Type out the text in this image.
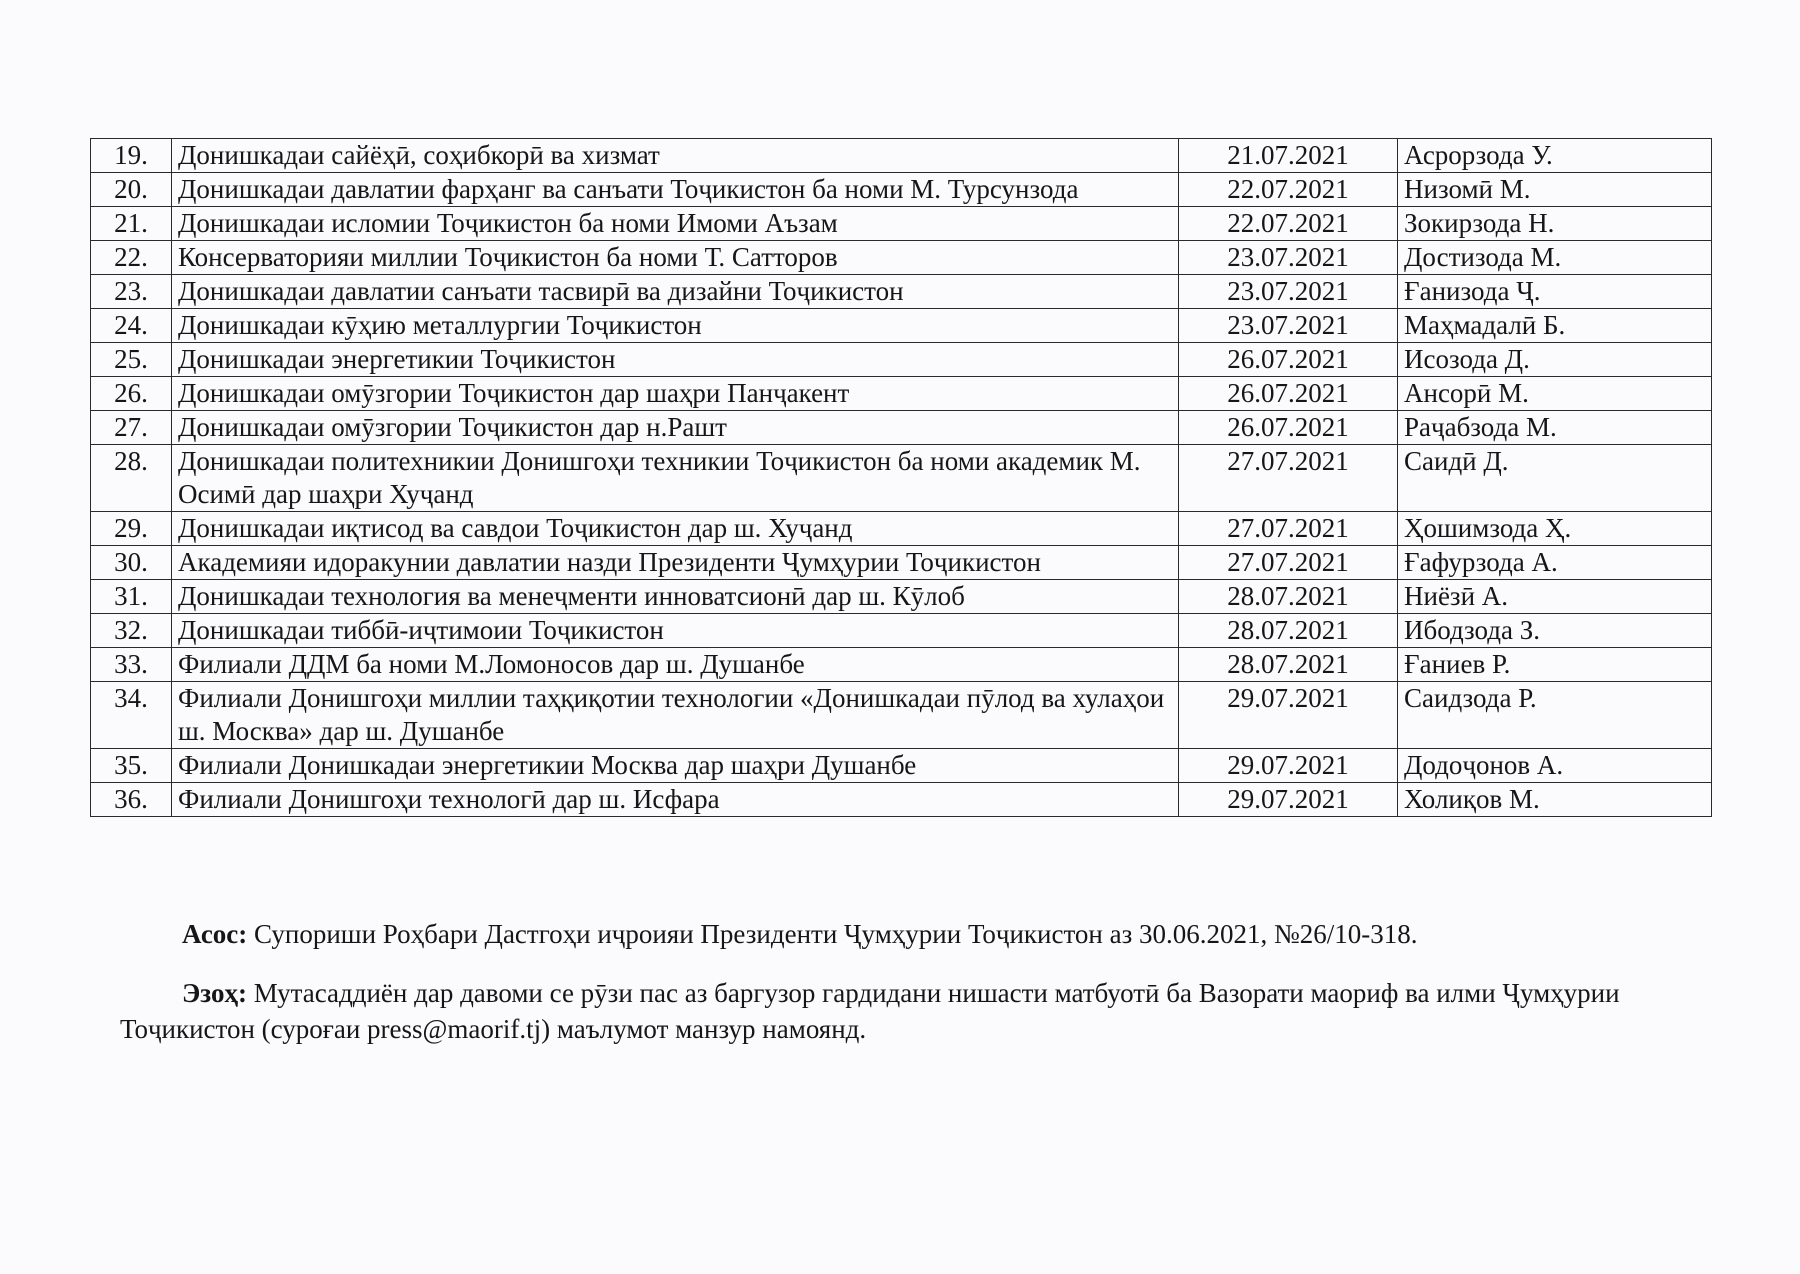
19.	Донишкадаи сайёҳӣ, соҳибкорӣ ва хизмат	21.07.2021	Асрорзода У.
20.	Донишкадаи давлатии фарҳанг ва санъати Тоҷикистон ба номи М. Турсунзода	22.07.2021	Низомӣ М.
21.	Донишкадаи исломии Тоҷикистон ба номи Имоми Аъзам	22.07.2021	Зокирзода Н.
22.	Консерваторияи миллии Тоҷикистон ба номи Т. Сатторов	23.07.2021	Достизода М.
23.	Донишкадаи давлатии санъати тасвирӣ ва дизайни Тоҷикистон	23.07.2021	Ғанизода Ҷ.
24.	Донишкадаи кӯҳию металлургии Тоҷикистон	23.07.2021	Маҳмадалӣ Б.
25.	Донишкадаи энергетикии Тоҷикистон	26.07.2021	Исозода Д.
26.	Донишкадаи омӯзгории Тоҷикистон дар шаҳри Панҷакент	26.07.2021	Ансорӣ М.
27.	Донишкадаи омӯзгории Тоҷикистон дар н.Рашт	26.07.2021	Раҷабзода М.
28.	Донишкадаи политехникии Донишгоҳи техникии Тоҷикистон ба номи академик М. Осимӣ дар шаҳри Хуҷанд	27.07.2021	Саидӣ Д.
29.	Донишкадаи иқтисод ва савдои Тоҷикистон дар ш. Хуҷанд	27.07.2021	Ҳошимзода Ҳ.
30.	Академияи идоракунии давлатии назди Президенти Ҷумҳурии Тоҷикистон	27.07.2021	Ғафурзода А.
31.	Донишкадаи технология ва менеҷменти инноватсионӣ дар ш. Кӯлоб	28.07.2021	Ниёзӣ А.
32.	Донишкадаи тиббӣ-иҷтимоии Тоҷикистон	28.07.2021	Ибодзода З.
33.	Филиали ДДМ ба номи М.Ломоносов дар ш. Душанбе	28.07.2021	Ғаниев Р.
34.	Филиали Донишгоҳи миллии таҳқиқотии технологии «Донишкадаи пӯлод ва хулаҳои ш. Москва» дар ш. Душанбе	29.07.2021	Саидзода Р.
35.	Филиали Донишкадаи энергетикии Москва дар шаҳри Душанбе	29.07.2021	Додоҷонов А.
36.	Филиали Донишгоҳи технологӣ дар ш. Исфара	29.07.2021	Холиқов М.

Асос: Супориши Роҳбари Дастгоҳи иҷроияи Президенти Ҷумҳурии Тоҷикистон аз 30.06.2021, №26/10-318.

Эзоҳ: Мутасаддиён дар давоми се рӯзи пас аз баргузор гардидани нишасти матбуотӣ ба Вазорати маориф ва илми Ҷумҳурии Тоҷикистон (суроғаи press@maorif.tj) маълумот манзур намоянд.
